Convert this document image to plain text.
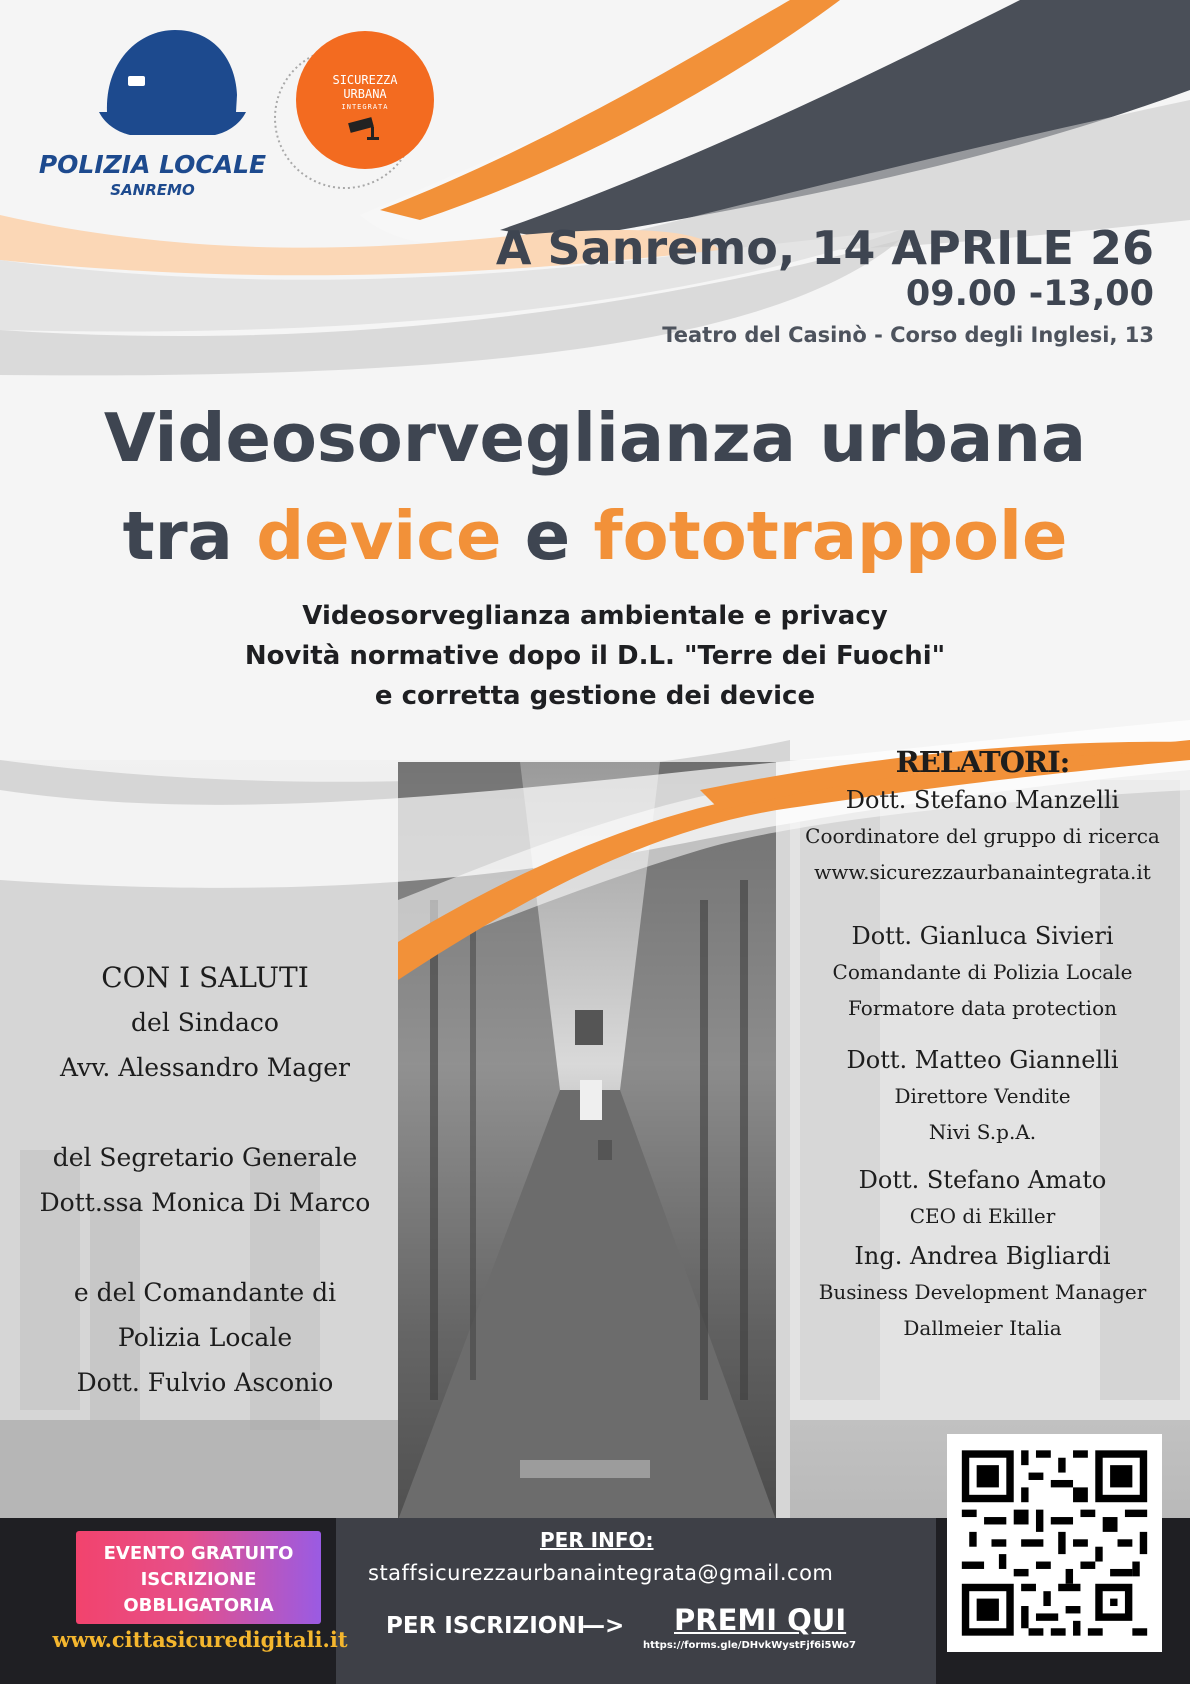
POLIZIA LOCALE
SANREMO
SICUREZZA
URBANA
INTEGRATA
A Sanremo, 14 APRILE 26
09.00 -13,00
Teatro del Casinò - Corso degli Inglesi, 13
Videosorveglianza urbana
tra device e fototrappole
Videosorveglianza ambientale e privacy
Novità normative dopo il D.L. "Terre dei Fuochi"
e corretta gestione dei device
CON I SALUTI
del Sindaco
Avv. Alessandro Mager
del Segretario Generale
Dott.ssa Monica Di Marco
e del Comandante di
Polizia Locale
Dott. Fulvio Asconio
RELATORI:
Dott. Stefano Manzelli
Coordinatore del gruppo di ricerca
www.sicurezzaurbanaintegrata.it
Dott. Gianluca Sivieri
Comandante di Polizia Locale
Formatore data protection
Dott. Matteo Giannelli
Direttore Vendite
Nivi S.p.A.
Dott. Stefano Amato
CEO di Ekiller
Ing. Andrea Bigliardi
Business Development Manager
Dallmeier Italia
EVENTO GRATUITO
ISCRIZIONE
OBBLIGATORIA
www.cittasicuredigitali.it
PER INFO:
staffsicurezzaurbanaintegrata@gmail.com
PER ISCRIZIONI
—> PREMI QUI
https://forms.gle/DHvkWystFjf6i5Wo7
